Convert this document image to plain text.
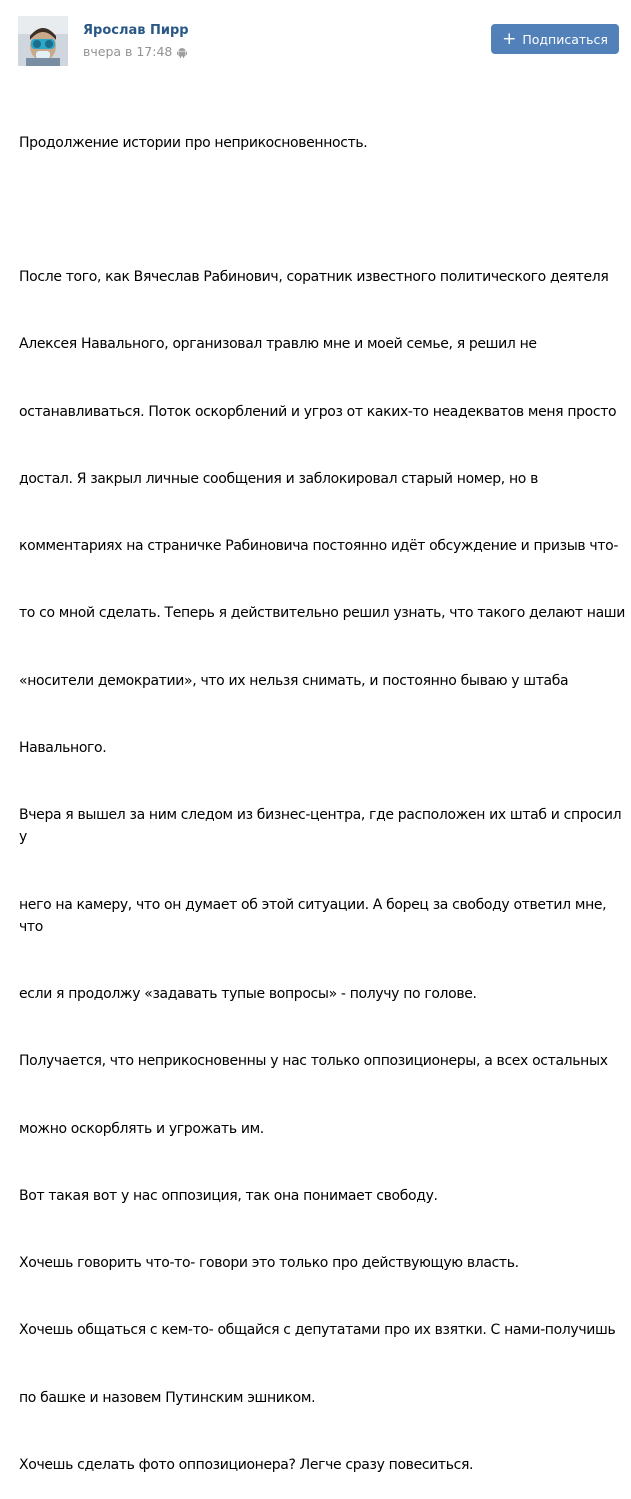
Ярослав Пирр
вчера в 17:48
+ Подписаться

Продолжение истории про неприкосновенность.

После того, как Вячеслав Рабинович, соратник известного политического деятеля

Алексея Навального, организовал травлю мне и моей семье, я решил не

останавливаться. Поток оскорблений и угроз от каких-то неадекватов меня просто

достал. Я закрыл личные сообщения и заблокировал старый номер, но в

комментариях на страничке Рабиновича постоянно идёт обсуждение и призыв что-

то со мной сделать. Теперь я действительно решил узнать, что такого делают наши

«носители демократии», что их нельзя снимать, и постоянно бываю у штаба

Навального.

Вчера я вышел за ним следом из бизнес-центра, где расположен их штаб и спросил у

него на камеру, что он думает об этой ситуации. А борец за свободу ответил мне, что

если я продолжу «задавать тупые вопросы» - получу по голове.

Получается, что неприкосновенны у нас только оппозиционеры, а всех остальных

можно оскорблять и угрожать им.

Вот такая вот у нас оппозиция, так она понимает свободу.

Хочешь говорить что-то- говори это только про действующую власть.

Хочешь общаться с кем-то- общайся с депутатами про их взятки. С нами-получишь

по башке и назовем Путинским эшником.

Хочешь сделать фото оппозиционера? Легче сразу повеситься.
